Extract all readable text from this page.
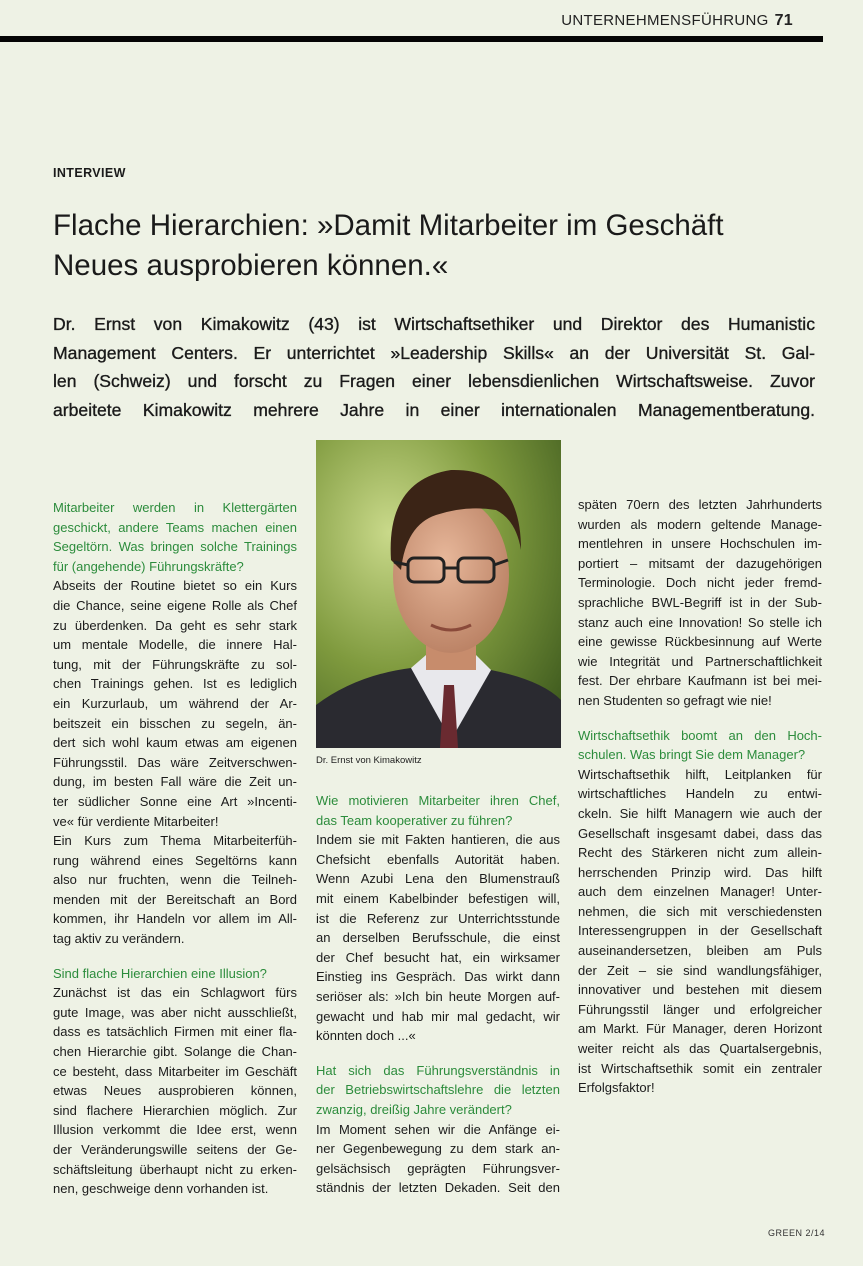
UNTERNEHMENSFÜHRUNG 71
INTERVIEW
Flache Hierarchien: »Damit Mitarbeiter im Geschäft
Neues ausprobieren können.«
Dr. Ernst von Kimakowitz (43) ist Wirtschaftsethiker und Direktor des Humanistic
Management Centers. Er unterrichtet »Leadership Skills« an der Universität St. Gal-
len (Schweiz) und forscht zu Fragen einer lebensdienlichen Wirtschaftsweise. Zuvor
arbeitete Kimakowitz mehrere Jahre in einer internationalen Managementberatung.
Dr. Ernst von Kimakowitz
Mitarbeiter werden in Klettergärten
geschickt, andere Teams machen einen
Segeltörn. Was bringen solche Trainings
für (angehende) Führungskräfte?
Abseits der Routine bietet so ein Kurs
die Chance, seine eigene Rolle als Chef
zu überdenken. Da geht es sehr stark
um mentale Modelle, die innere Hal-
tung, mit der Führungskräfte zu sol-
chen Trainings gehen. Ist es lediglich
ein Kurzurlaub, um während der Ar-
beitszeit ein bisschen zu segeln, än-
dert sich wohl kaum etwas am eigenen
Führungsstil. Das wäre Zeitverschwen-
dung, im besten Fall wäre die Zeit un-
ter südlicher Sonne eine Art »Incenti-
ve« für verdiente Mitarbeiter!
Ein Kurs zum Thema Mitarbeiterfüh-
rung während eines Segeltörns kann
also nur fruchten, wenn die Teilneh-
menden mit der Bereitschaft an Bord
kommen, ihr Handeln vor allem im All-
tag aktiv zu verändern.
Sind flache Hierarchien eine Illusion?
Zunächst ist das ein Schlagwort fürs
gute Image, was aber nicht ausschließt,
dass es tatsächlich Firmen mit einer fla-
chen Hierarchie gibt. Solange die Chan-
ce besteht, dass Mitarbeiter im Geschäft
etwas Neues ausprobieren können,
sind flachere Hierarchien möglich. Zur
Illusion verkommt die Idee erst, wenn
der Veränderungswille seitens der Ge-
schäftsleitung überhaupt nicht zu erken-
nen, geschweige denn vorhanden ist.
Wie motivieren Mitarbeiter ihren Chef,
das Team kooperativer zu führen?
Indem sie mit Fakten hantieren, die aus
Chefsicht ebenfalls Autorität haben.
Wenn Azubi Lena den Blumenstrauß
mit einem Kabelbinder befestigen will,
ist die Referenz zur Unterrichtsstunde
an derselben Berufsschule, die einst
der Chef besucht hat, ein wirksamer
Einstieg ins Gespräch. Das wirkt dann
seriöser als: »Ich bin heute Morgen auf-
gewacht und hab mir mal gedacht, wir
könnten doch ...«
Hat sich das Führungsverständnis in
der Betriebswirtschaftslehre die letzten
zwanzig, dreißig Jahre verändert?
Im Moment sehen wir die Anfänge ei-
ner Gegenbewegung zu dem stark an-
gelsächsisch geprägten Führungsver-
ständnis der letzten Dekaden. Seit den
späten 70ern des letzten Jahrhunderts
wurden als modern geltende Manage-
mentlehren in unsere Hochschulen im-
portiert – mitsamt der dazugehörigen
Terminologie. Doch nicht jeder fremd-
sprachliche BWL-Begriff ist in der Sub-
stanz auch eine Innovation! So stelle ich
eine gewisse Rückbesinnung auf Werte
wie Integrität und Partnerschaftlichkeit
fest. Der ehrbare Kaufmann ist bei mei-
nen Studenten so gefragt wie nie!
Wirtschaftsethik boomt an den Hoch-
schulen. Was bringt Sie dem Manager?
Wirtschaftsethik hilft, Leitplanken für
wirtschaftliches Handeln zu entwi-
ckeln. Sie hilft Managern wie auch der
Gesellschaft insgesamt dabei, dass das
Recht des Stärkeren nicht zum allein-
herrschenden Prinzip wird. Das hilft
auch dem einzelnen Manager! Unter-
nehmen, die sich mit verschiedensten
Interessengruppen in der Gesellschaft
auseinandersetzen, bleiben am Puls
der Zeit – sie sind wandlungsfähiger,
innovativer und bestehen mit diesem
Führungsstil länger und erfolgreicher
am Markt. Für Manager, deren Horizont
weiter reicht als das Quartalsergebnis,
ist Wirtschaftsethik somit ein zentraler
Erfolgsfaktor!
GREEN 2/14
